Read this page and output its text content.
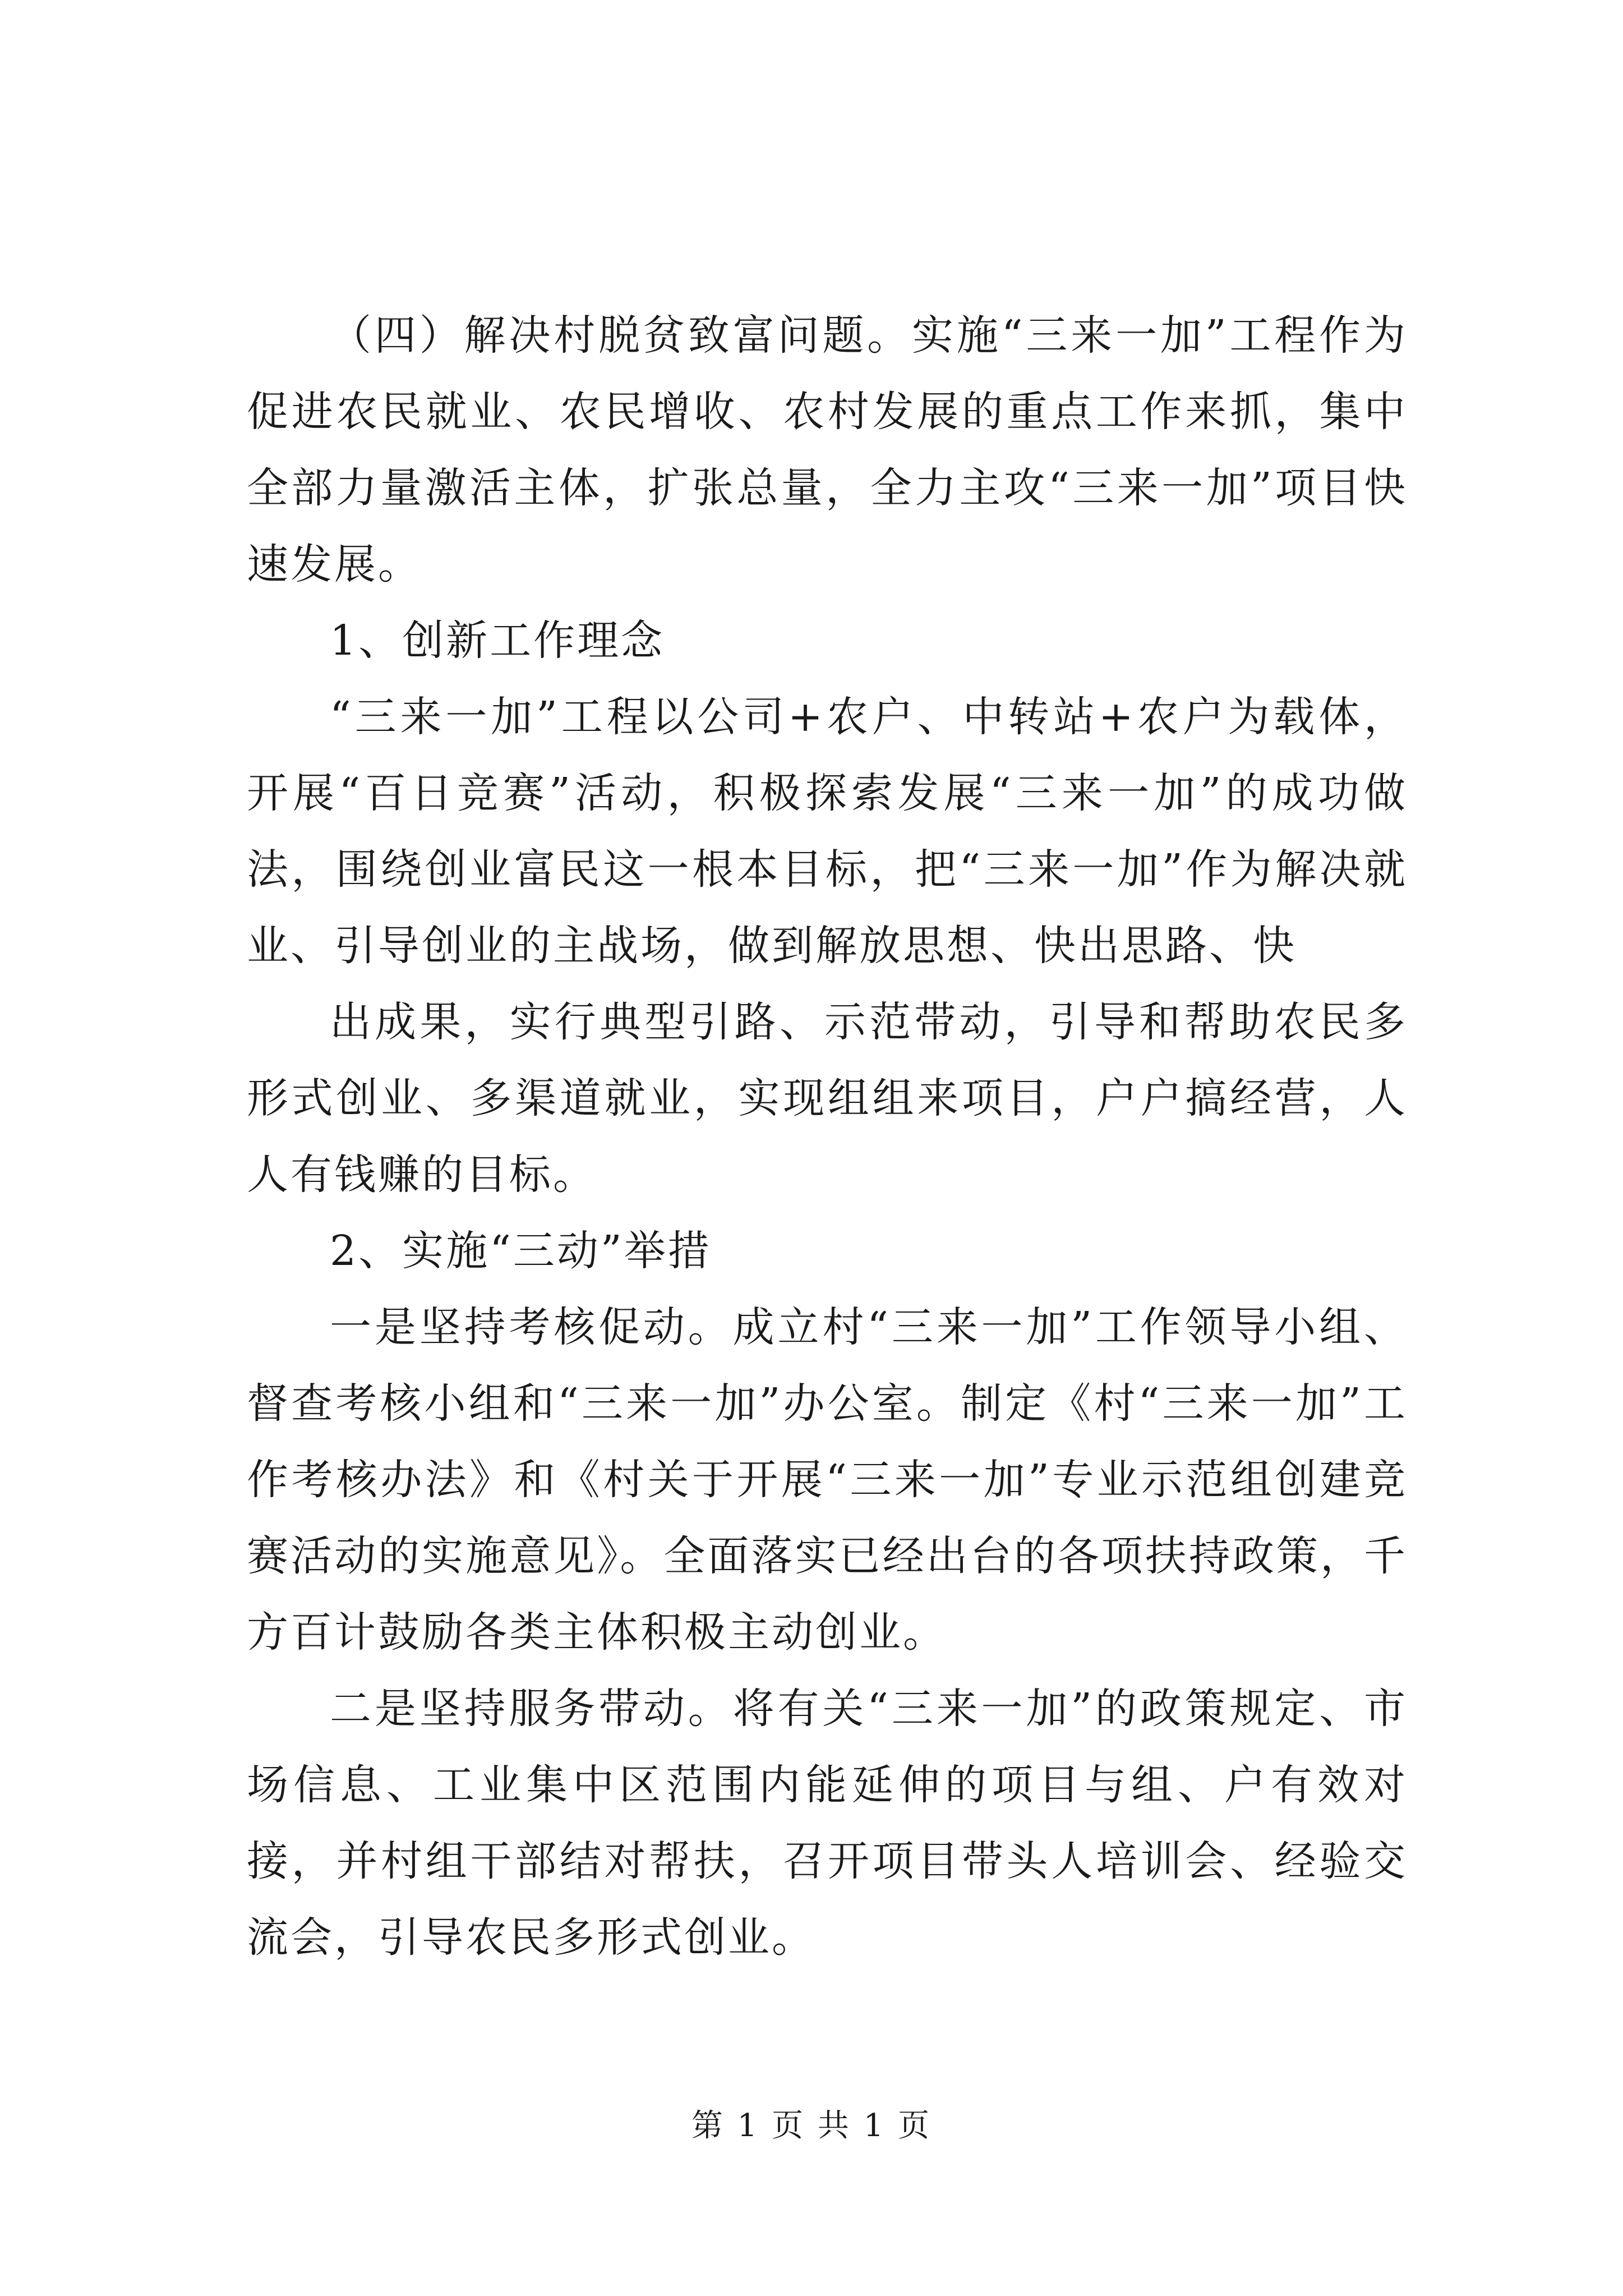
（四）解决村脱贫致富问题。实施“三来一加”工程作为促进农民就业、农民增收、农村发展的重点工作来抓，集中全部力量激活主体，扩张总量，全力主攻“三来一加”项目快速发展。

1、创新工作理念

“三来一加”工程以公司+农户、中转站+农户为载体，开展“百日竞赛”活动，积极探索发展“三来一加”的成功做法，围绕创业富民这一根本目标，把“三来一加”作为解决就业、引导创业的主战场，做到解放思想、快出思路、快

出成果，实行典型引路、示范带动，引导和帮助农民多形式创业、多渠道就业，实现组组来项目，户户搞经营，人人有钱赚的目标。

2、实施“三动”举措

一是坚持考核促动。成立村“三来一加”工作领导小组、督查考核小组和“三来一加”办公室。制定《村“三来一加”工作考核办法》和《村关于开展“三来一加”专业示范组创建竞赛活动的实施意见》。全面落实已经出台的各项扶持政策，千方百计鼓励各类主体积极主动创业。

二是坚持服务带动。将有关“三来一加”的政策规定、市场信息、工业集中区范围内能延伸的项目与组、户有效对接，并村组干部结对帮扶，召开项目带头人培训会、经验交流会，引导农民多形式创业。

第 1 页 共 1 页
